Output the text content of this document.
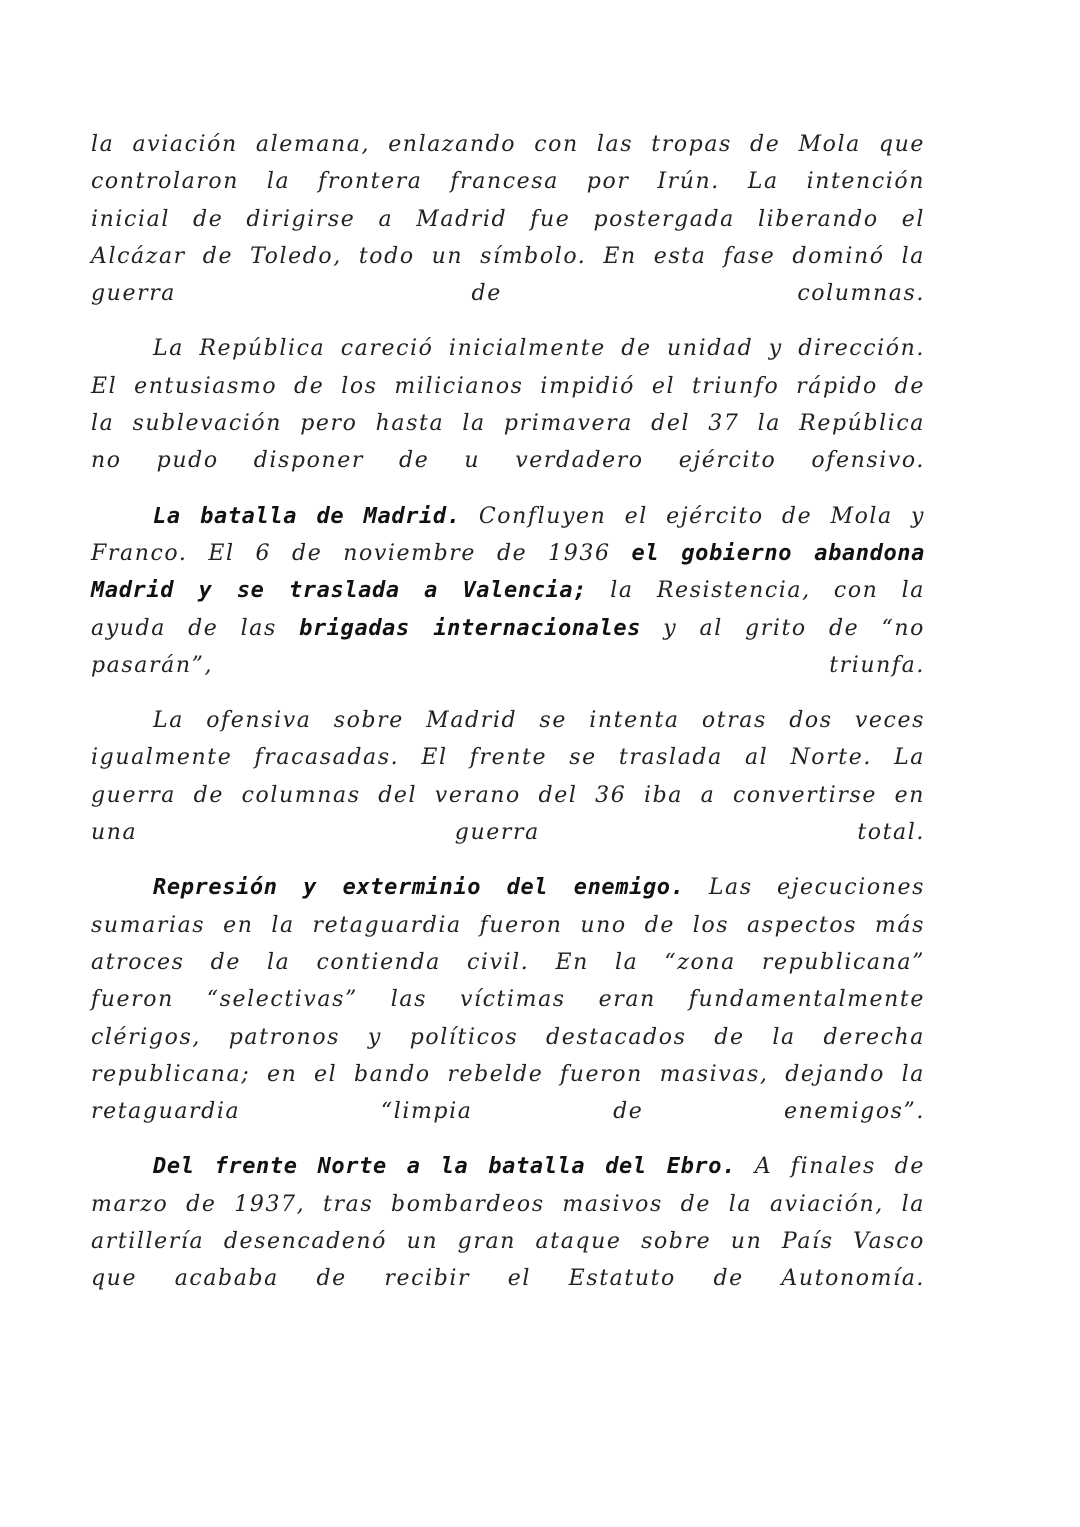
la aviación alemana, enlazando con las tropas de Mola que controlaron la frontera francesa por Irún. La intención inicial de dirigirse a Madrid fue postergada liberando el Alcázar de Toledo, todo un símbolo. En esta fase dominó la guerra de columnas.

La República careció inicialmente de unidad y dirección. El entusiasmo de los milicianos impidió el triunfo rápido de la sublevación pero hasta la primavera del 37 la República no pudo disponer de u verdadero ejército ofensivo.

La batalla de Madrid. Confluyen el ejército de Mola y Franco. El 6 de noviembre de 1936 el gobierno abandona Madrid y se traslada a Valencia; la Resistencia, con la ayuda de las brigadas internacionales y al grito de “no pasarán”, triunfa.

La ofensiva sobre Madrid se intenta otras dos veces igualmente fracasadas. El frente se traslada al Norte. La guerra de columnas del verano del 36 iba a convertirse en una guerra total.

Represión y exterminio del enemigo. Las ejecuciones sumarias en la retaguardia fueron uno de los aspectos más atroces de la contienda civil. En la “zona republicana” fueron “selectivas” las víctimas eran fundamentalmente clérigos, patronos y políticos destacados de la derecha republicana; en el bando rebelde fueron masivas, dejando la retaguardia “limpia de enemigos”.

Del frente Norte a la batalla del Ebro. A finales de marzo de 1937, tras bombardeos masivos de la aviación, la artillería desencadenó un gran ataque sobre un País Vasco que acababa de recibir el Estatuto de Autonomía.
